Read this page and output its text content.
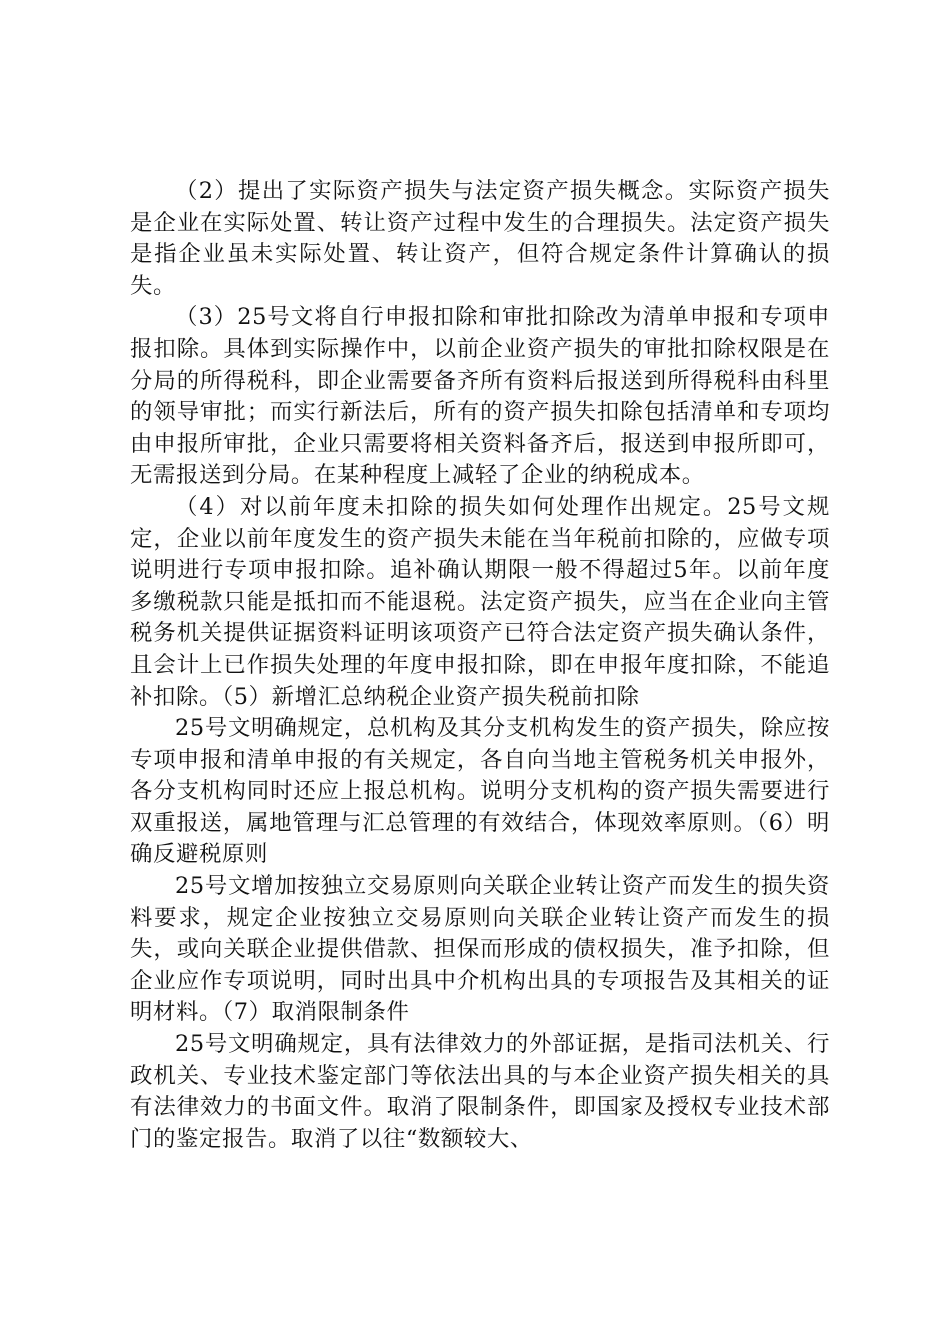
（2）提出了实际资产损失与法定资产损失概念。实际资产损失是企业在实际处置、转让资产过程中发生的合理损失。法定资产损失是指企业虽未实际处置、转让资产，但符合规定条件计算确认的损失。

（3）25号文将自行申报扣除和审批扣除改为清单申报和专项申报扣除。具体到实际操作中，以前企业资产损失的审批扣除权限是在分局的所得税科，即企业需要备齐所有资料后报送到所得税科由科里的领导审批；而实行新法后，所有的资产损失扣除包括清单和专项均由申报所审批，企业只需要将相关资料备齐后，报送到申报所即可，无需报送到分局。在某种程度上减轻了企业的纳税成本。

（4）对以前年度未扣除的损失如何处理作出规定。25号文规定，企业以前年度发生的资产损失未能在当年税前扣除的，应做专项说明进行专项申报扣除。追补确认期限一般不得超过5年。以前年度多缴税款只能是抵扣而不能退税。法定资产损失，应当在企业向主管税务机关提供证据资料证明该项资产已符合法定资产损失确认条件，且会计上已作损失处理的年度申报扣除，即在申报年度扣除，不能追补扣除。（5）新增汇总纳税企业资产损失税前扣除

25号文明确规定，总机构及其分支机构发生的资产损失，除应按专项申报和清单申报的有关规定，各自向当地主管税务机关申报外，各分支机构同时还应上报总机构。说明分支机构的资产损失需要进行双重报送，属地管理与汇总管理的有效结合，体现效率原则。（6）明确反避税原则

25号文增加按独立交易原则向关联企业转让资产而发生的损失资料要求，规定企业按独立交易原则向关联企业转让资产而发生的损失，或向关联企业提供借款、担保而形成的债权损失，准予扣除，但企业应作专项说明，同时出具中介机构出具的专项报告及其相关的证明材料。（7）取消限制条件

25号文明确规定，具有法律效力的外部证据，是指司法机关、行政机关、专业技术鉴定部门等依法出具的与本企业资产损失相关的具有法律效力的书面文件。取消了限制条件，即国家及授权专业技术部门的鉴定报告。取消了以往“数额较大、
